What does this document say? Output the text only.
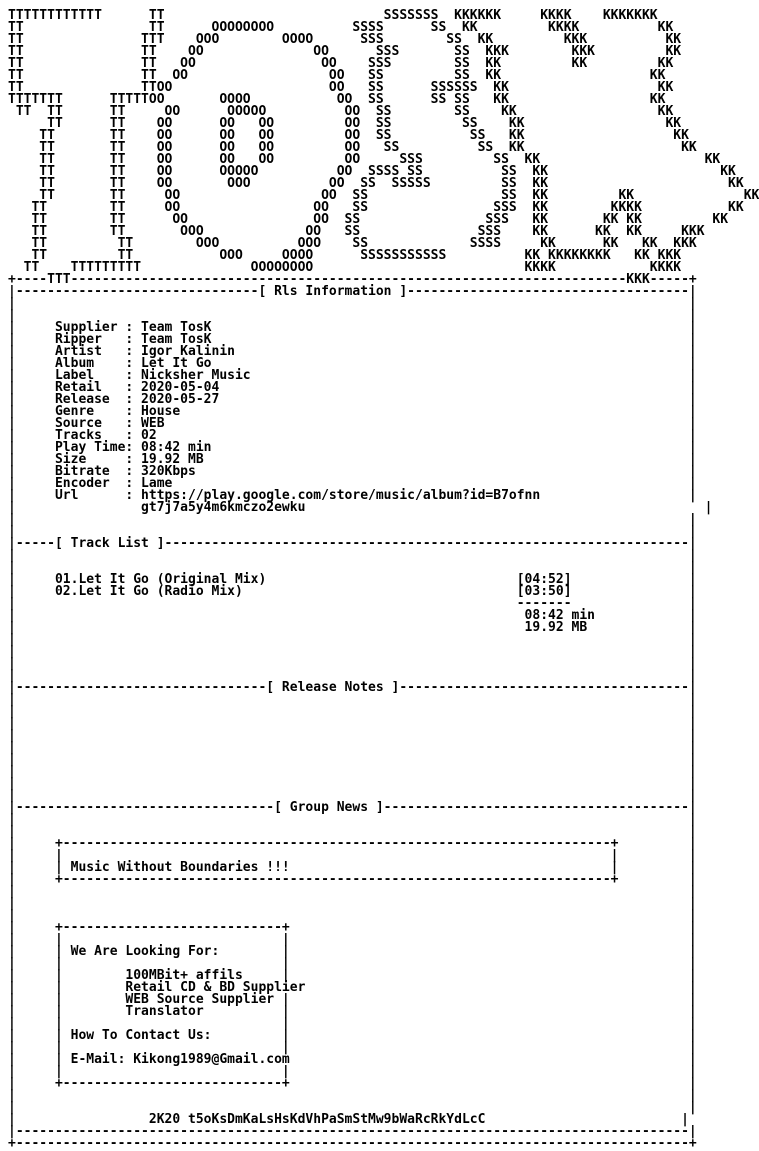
TTTTTTTTTTTT      TT                            SSSSSSS  KKKKKK     KKKK    KKKKKKK
TT                TT      OOOOOOOO          SSSS      SS  KK         KKKK          KK
TT               TTT    OOO        OOOO      SSS        SS  KK         KKK          KK
TT               TT    OO              OO      SSS       SS  KKK        KKK         KK
TT               TT   OO                OO    SSS        SS  KK         KK         KK
TT               TT  OO                  OO   SS         SS  KK                   KK
TT               TTOO                    OO   SS      SSSSSS  KK                   KK
TTTTTTT      TTTTTOO       OOOO           OO  SS      SS SS   KK                  KK
TT  TT      TT     OO      OOOOO          OO  SS        SS    KK                  KK
TT      TT    OO      OO   OO         OO  SS         SS    KK                  KK
TT       TT    OO      OO   OO         OO  SS          SS   KK                   KK
TT       TT    OO      OO   OO         OO   SS          SS  KK                    KK
TT       TT    OO      OO   OO         OO     SSS         SS  KK                     KK
TT       TT    OO      OOOOO          OO  SSSS SS          SS  KK                      KK
TT       TT    OO       OOO          OO  SS  SSSSS         SS  KK                       KK
TT       TT     OO                  OO  SS                 SS  KK         KK              KK
TT        TT     OO                 OO   SS                SSS  KK        KKKK           KK
TT        TT      OO                OO  SS                SSS   KK       KK KK         KK
TT        TT       OOO             OO   SS               SSS    KK      KK  KK     KKK
TT         TT        OOO          OOO    SS             SSSS     KK      KK   KK  KKK
TT         TT           OOO     OOOO      SSSSSSSSSSS          KK KKKKKKKK   KK KKK
TT    TTTTTTTTT              OOOOOOOO                           KKKK            KKKK
+----TTT-----------------------------------------------------------------------KKK-----+
|-------------------------------[ Rls Information ]------------------------------------|
|                                                                                      |
|                                                                                      |
|     Supplier : Team TosK                                                             |
|     Ripper   : Team TosK                                                             |
|     Artist   : Igor Kalinin                                                          |
|     Album    : Let It Go                                                             |
|     Label    : Nicksher Music                                                        |
|     Retail   : 2020-05-04                                                            |
|     Release  : 2020-05-27                                                            |
|     Genre    : House                                                                 |
|     Source   : WEB                                                                   |
|     Tracks   : 02                                                                    |
|     Play Time: 08:42 min                                                             |
|     Size     : 19.92 MB                                                              |
|     Bitrate  : 320Kbps                                                               |
|     Encoder  : Lame                                                                  |
|     Url      : https://play.google.com/store/music/album?id=B7ofnn                   |
|                gt7j7a5y4m6kmczo2ewku                                                   |
|                                                                                      |
|                                                                                      |
|-----[ Track List ]-------------------------------------------------------------------|
|                                                                                      |
|                                                                                      |
|     01.Let It Go (Original Mix)                                [04:52]               |
|     02.Let It Go (Radio Mix)                                   [03:50]               |
|                                                                -------               |
|                                                                 08:42 min            |
|                                                                 19.92 MB             |
|                                                                                      |
|                                                                                      |
|                                                                                      |
|                                                                                      |
|--------------------------------[ Release Notes ]-------------------------------------|
|                                                                                      |
|                                                                                      |
|                                                                                      |
|                                                                                      |
|                                                                                      |
|                                                                                      |
|                                                                                      |
|                                                                                      |
|                                                                                      |
|---------------------------------[ Group News ]---------------------------------------|
|                                                                                      |
|                                                                                      |
|     +----------------------------------------------------------------------+         |
|     |                                                                      |         |
|     | Music Without Boundaries !!!                                         |         |
|     +----------------------------------------------------------------------+         |
|                                                                                      |
|                                                                                      |
|                                                                                      |
|     +----------------------------+                                                   |
|     |                            |                                                   |
|     | We Are Looking For:        |                                                   |
|     |                            |                                                   |
|     |        100MBit+ affils     |                                                   |
|     |        Retail CD & BD Supplier                                                 |
|     |        WEB Source Supplier |                                                   |
|     |        Translator          |                                                   |
|     |                            |                                                   |
|     | How To Contact Us:         |                                                   |
|     |                            |                                                   |
|     | E-Mail: Kikong1989@Gmail.com                                                   |
|     |                            |                                                   |
|     +----------------------------+                                                   |
|                                                                                      |
|                                                                                      |
|                 2K20 t5oKsDmKaLsHsKdVhPaSmStMw9bWaRcRkYdLcC                         |
|--------------------------------------------------------------------------------------|
+--------------------------------------------------------------------------------------+
